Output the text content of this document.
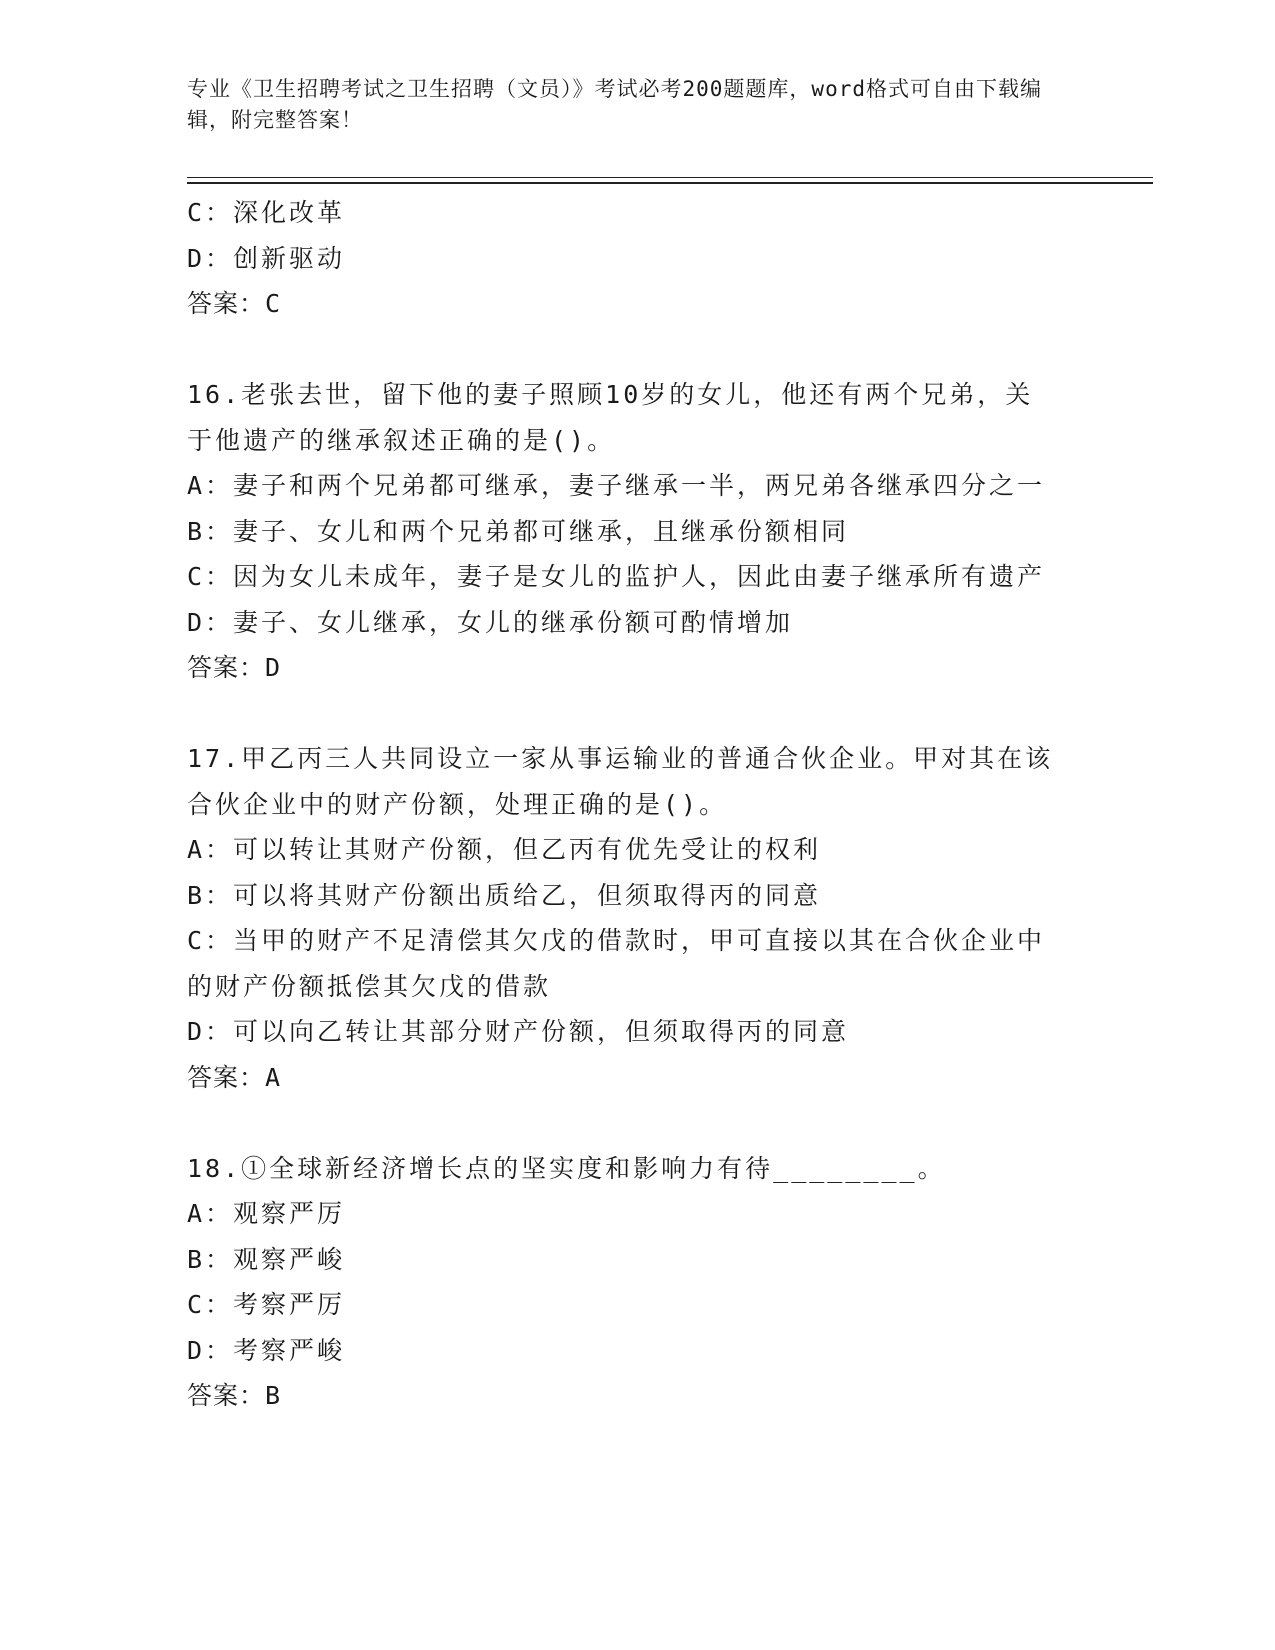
专业《卫生招聘考试之卫生招聘（文员）》考试必考200题题库，word格式可自由下载编辑，附完整答案！
C：深化改革
D：创新驱动
答案：C
16.老张去世，留下他的妻子照顾10岁的女儿，他还有两个兄弟，关
于他遗产的继承叙述正确的是()。
A：妻子和两个兄弟都可继承，妻子继承一半，两兄弟各继承四分之一
B：妻子、女儿和两个兄弟都可继承，且继承份额相同
C：因为女儿未成年，妻子是女儿的监护人，因此由妻子继承所有遗产
D：妻子、女儿继承，女儿的继承份额可酌情增加
答案：D
17.甲乙丙三人共同设立一家从事运输业的普通合伙企业。甲对其在该
合伙企业中的财产份额，处理正确的是()。
A：可以转让其财产份额，但乙丙有优先受让的权利
B：可以将其财产份额出质给乙，但须取得丙的同意
C：当甲的财产不足清偿其欠戊的借款时，甲可直接以其在合伙企业中
的财产份额抵偿其欠戊的借款
D：可以向乙转让其部分财产份额，但须取得丙的同意
答案：A
18.①全球新经济增长点的坚实度和影响力有待________。
A：观察严厉
B：观察严峻
C：考察严厉
D：考察严峻
答案：B
